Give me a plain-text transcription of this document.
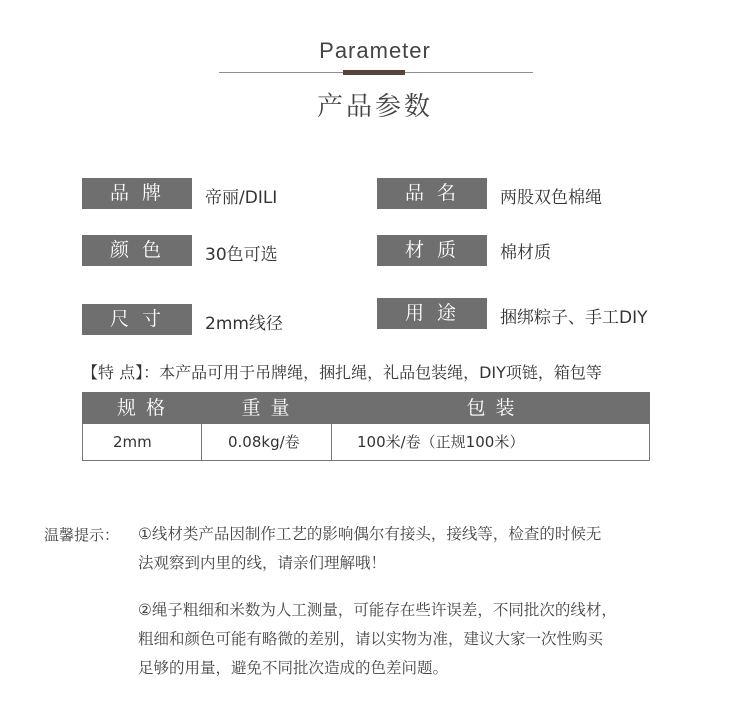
Parameter
产品参数
品牌	帝丽/DILI	品名	两股双色棉绳
颜色	30色可选	材质	棉材质
尺寸	2mm线径	用途	捆绑粽子、手工DIY
【特 点】：本产品可用于吊牌绳，捆扎绳，礼品包装绳，DIY项链，箱包等
规格	重量	包装
2mm	0.08kg/卷	100米/卷（正规100米）
温馨提示： ①线材类产品因制作工艺的影响偶尔有接头，接线等，检查的时候无
法观察到内里的线，请亲们理解哦！
②绳子粗细和米数为人工测量，可能存在些许误差，不同批次的线材，
粗细和颜色可能有略微的差别，请以实物为准，建议大家一次性购买
足够的用量，避免不同批次造成的色差问题。
